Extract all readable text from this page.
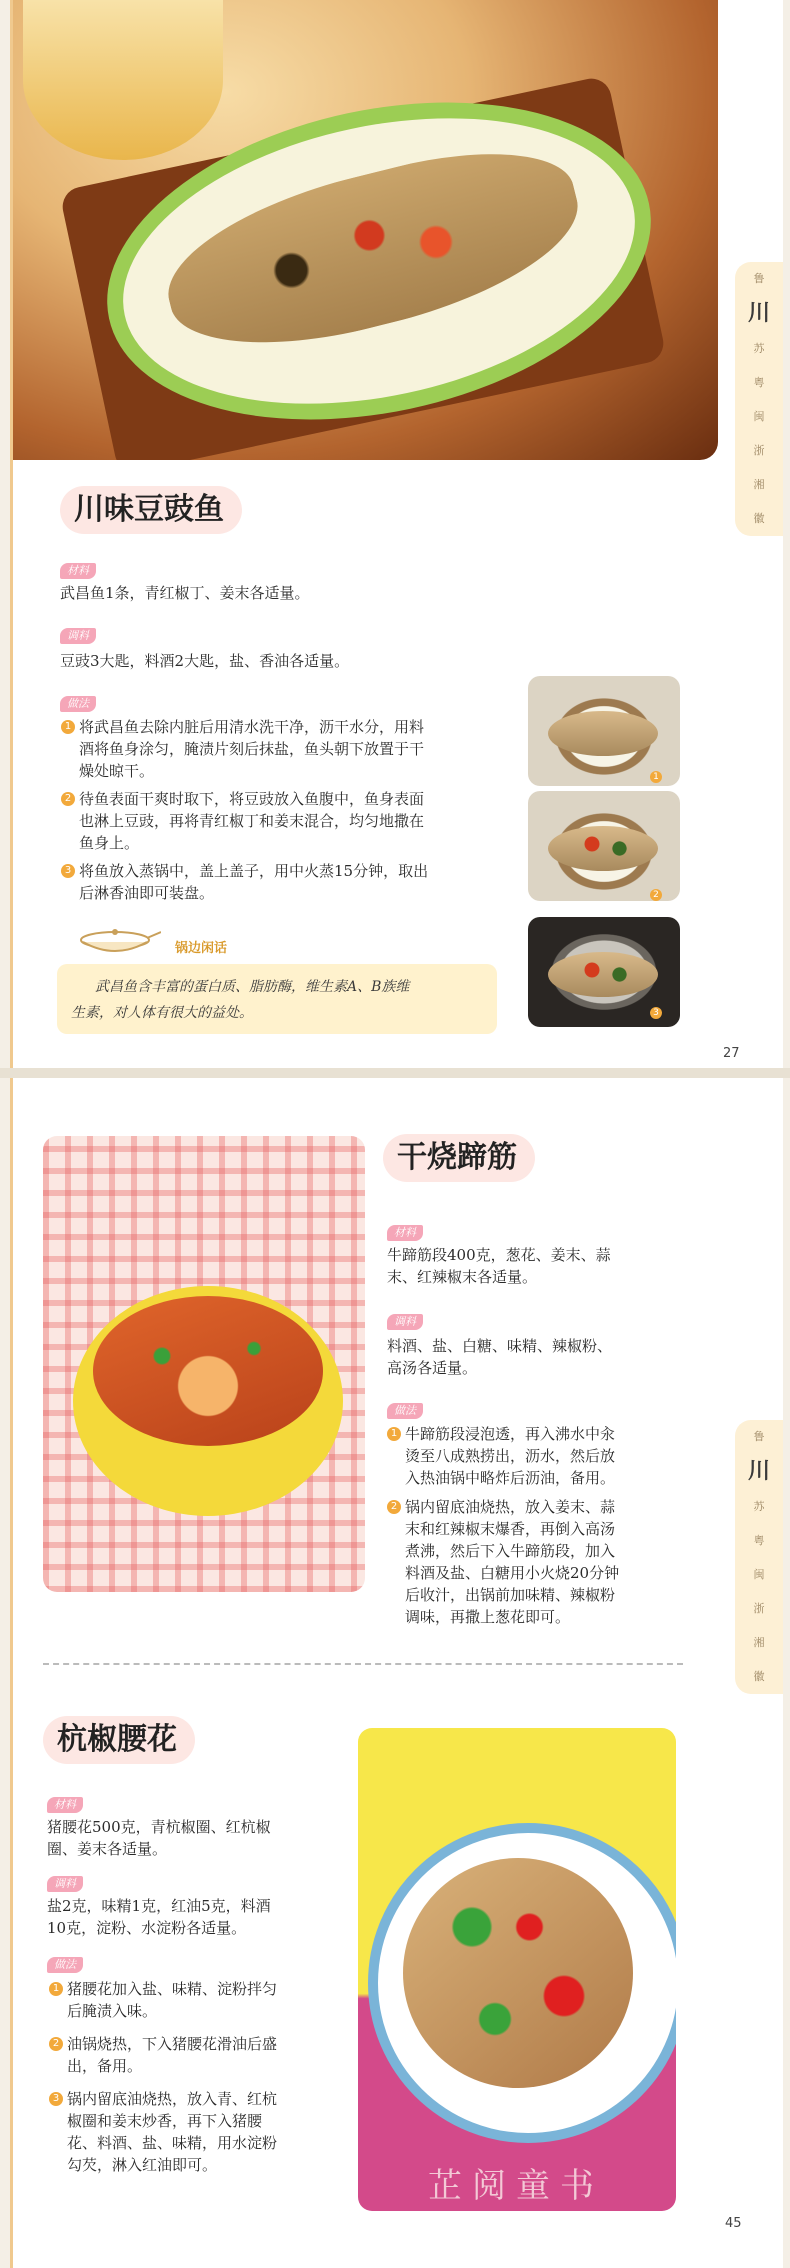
川味豆豉鱼
材料
武昌鱼1条，青红椒丁、姜末各适量。
调料
豆豉3大匙，料酒2大匙，盐、香油各适量。
做法
1 将武昌鱼去除内脏后用清水洗干净，沥干水分，用料
酒将鱼身涂匀，腌渍片刻后抹盐，鱼头朝下放置于干
燥处晾干。
2 待鱼表面干爽时取下，将豆豉放入鱼腹中，鱼身表面
也淋上豆豉，再将青红椒丁和姜末混合，均匀地撒在
鱼身上。
3 将鱼放入蒸锅中，盖上盖子，用中火蒸15分钟，取出
后淋香油即可装盘。
锅边闲话
武昌鱼含丰富的蛋白质、脂肪酶，维生素A、B族维
生素，对人体有很大的益处。
1
2
3
鲁
川
苏
粤
闽
浙
湘
徽
27
干烧蹄筋
材料
牛蹄筋段400克，葱花、姜末、蒜
末、红辣椒末各适量。
调料
料酒、盐、白糖、味精、辣椒粉、
高汤各适量。
做法
1 牛蹄筋段浸泡透，再入沸水中汆
烫至八成熟捞出，沥水，然后放
入热油锅中略炸后沥油，备用。
2 锅内留底油烧热，放入姜末、蒜
末和红辣椒末爆香，再倒入高汤
煮沸，然后下入牛蹄筋段，加入
料酒及盐、白糖用小火烧20分钟
后收汁，出锅前加味精、辣椒粉
调味，再撒上葱花即可。
杭椒腰花
材料
猪腰花500克，青杭椒圈、红杭椒
圈、姜末各适量。
调料
盐2克，味精1克，红油5克，料酒
10克，淀粉、水淀粉各适量。
做法
1 猪腰花加入盐、味精、淀粉拌匀
后腌渍入味。
2 油锅烧热，下入猪腰花滑油后盛
出，备用。
3 锅内留底油烧热，放入青、红杭
椒圈和姜末炒香，再下入猪腰
花、料酒、盐、味精，用水淀粉
勾芡，淋入红油即可。
芷阅童书
鲁
川
苏
粤
闽
浙
湘
徽
45
